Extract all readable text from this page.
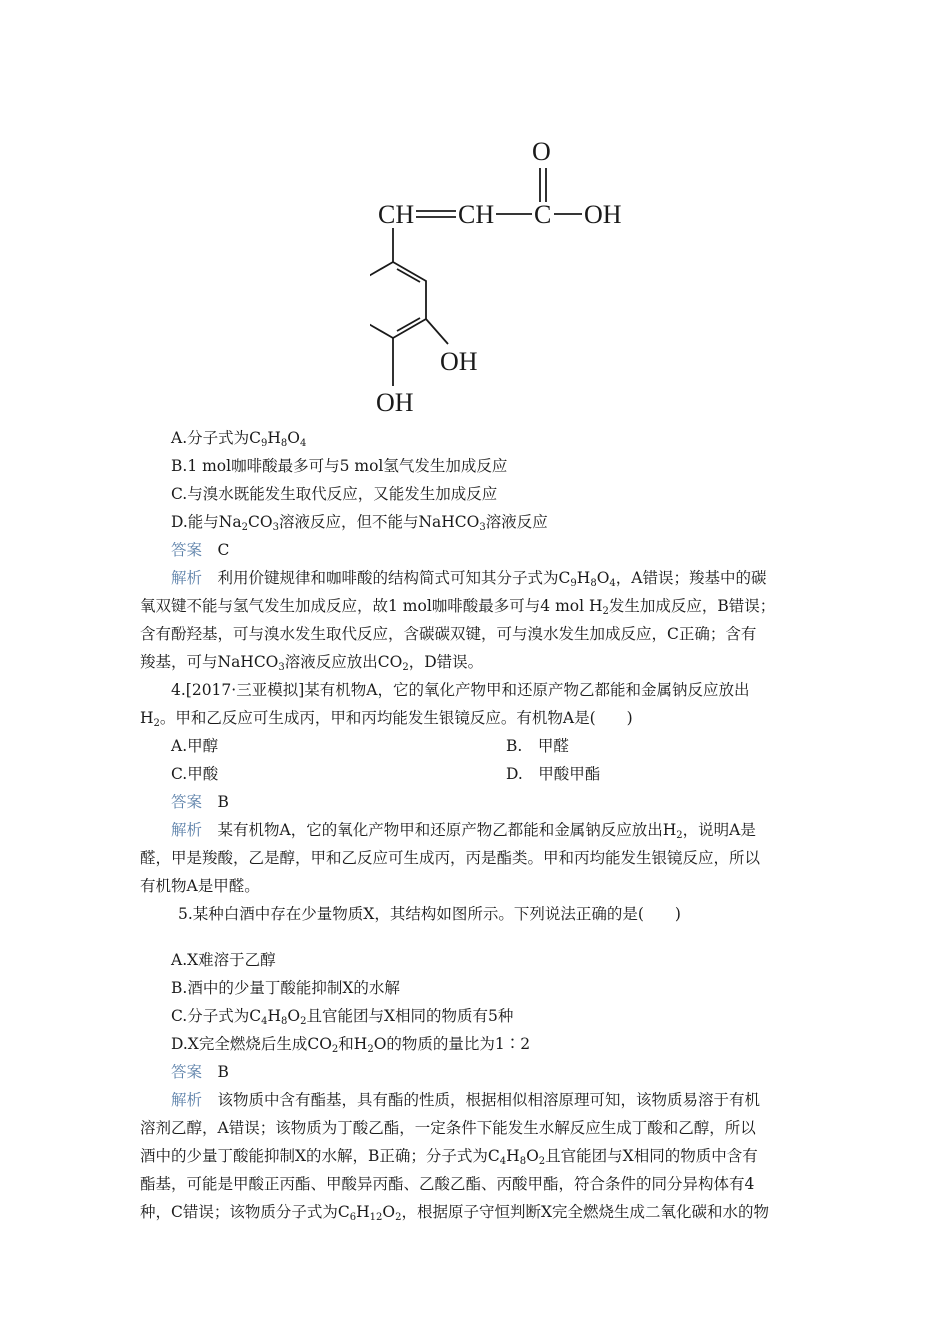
O
CH CH C OH
OH
OH
A.分子式为$C_9H_8O_4$
B.1 mol咖啡酸最多可与5 mol氢气发生加成反应
C.与溴水既能发生取代反应，又能发生加成反应
D.能与$Na_2CO_3$溶液反应，但不能与NaHCO$_3$溶液反应
答案　 C
解析　 利用价键规律和咖啡酸的结构简式可知其分子式为$C_9H_8O_4$，A错误；羧基中的碳
氧双键不能与氢气发生加成反应，故1 mol咖啡酸最多可与4 mol $H_2$发生加成反应，B错误；
含有酚羟基，可与溴水发生取代反应，含碳碳双键，可与溴水发生加成反应，C正确；含有
羧基，可与NaHCO$_3$溶液反应放出$CO_2$，D错误。
4.[2017·三亚模拟]某有机物A，它的氧化产物甲和还原产物乙都能和金属钠反应放出
$H_2$。甲和乙反应可生成丙，甲和丙均能发生银镜反应。有机物A是(　　)
A.甲醇	B.　甲醛
C.甲酸	D.　甲酸甲酯
答案　 B
解析　 某有机物A，它的氧化产物甲和还原产物乙都能和金属钠反应放出$H_2$，说明A是
醛，甲是羧酸，乙是醇，甲和乙反应可生成丙，丙是酯类。甲和丙均能发生银镜反应，所以
有机物A是甲醛。
5.某种白酒中存在少量物质X，其结构如图所示。下列说法正确的是(　　)
A.X难溶于乙醇
B.酒中的少量丁酸能抑制X的水解
C.分子式为$C_4H_8O_2$且官能团与X相同的物质有5种
D.X完全燃烧后生成$CO_2$和$H_2O$的物质的量比为1∶2
答案　 B
解析　 该物质中含有酯基，具有酯的性质，根据相似相溶原理可知，该物质易溶于有机
溶剂乙醇，A错误；该物质为丁酸乙酯，一定条件下能发生水解反应生成丁酸和乙醇，所以
酒中的少量丁酸能抑制X的水解，B正确；分子式为$C_4H_8O_2$且官能团与X相同的物质中含有
酯基，可能是甲酸正丙酯、甲酸异丙酯、乙酸乙酯、丙酸甲酯，符合条件的同分异构体有4
种，C错误；该物质分子式为$C_6H_{12}O_2$，根据原子守恒判断X完全燃烧生成二氧化碳和水的物
